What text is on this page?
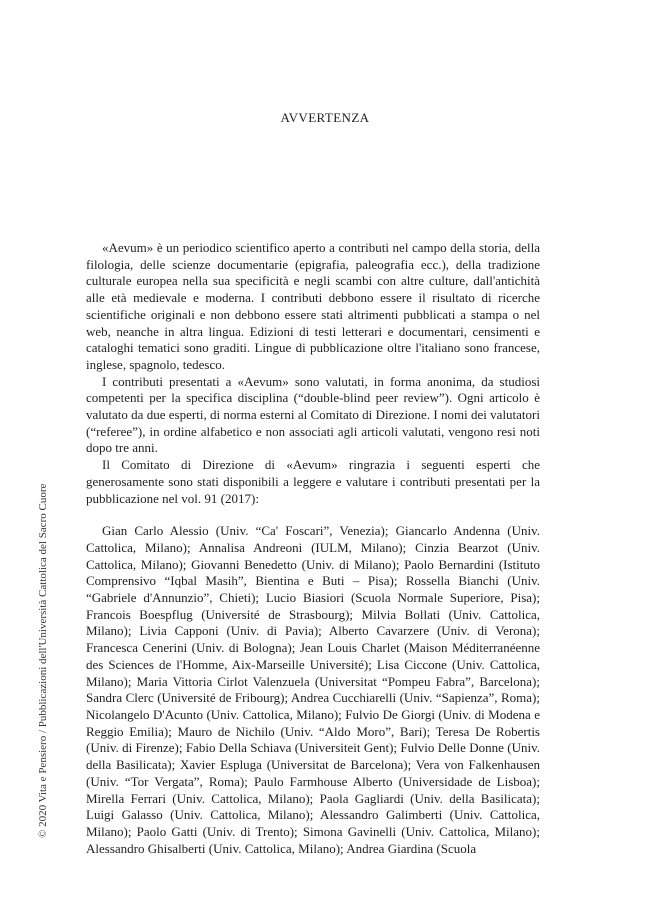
AVVERTENZA

«Aevum» è un periodico scientifico aperto a contributi nel campo della storia, della filologia, delle scienze documentarie (epigrafia, paleografia ecc.), della tradizione culturale europea nella sua specificità e negli scambi con altre culture, dall'antichità alle età medievale e moderna. I contributi debbono essere il risultato di ricerche scientifiche originali e non debbono essere stati altrimenti pubblicati a stampa o nel web, neanche in altra lingua. Edizioni di testi letterari e documentari, censimenti e cataloghi tematici sono graditi. Lingue di pubblicazione oltre l'italiano sono francese, inglese, spagnolo, tedesco.

I contributi presentati a «Aevum» sono valutati, in forma anonima, da studiosi competenti per la specifica disciplina (“double-blind peer review”). Ogni articolo è valutato da due esperti, di norma esterni al Comitato di Direzione. I nomi dei valutatori (“referee”), in ordine alfabetico e non associati agli articoli valutati, vengono resi noti dopo tre anni.

Il Comitato di Direzione di «Aevum» ringrazia i seguenti esperti che generosamente sono stati disponibili a leggere e valutare i contributi presentati per la pubblicazione nel vol. 91 (2017):

Gian Carlo Alessio (Univ. “Ca' Foscari”, Venezia); Giancarlo Andenna (Univ. Cattolica, Milano); Annalisa Andreoni (IULM, Milano); Cinzia Bearzot (Univ. Cattolica, Milano); Giovanni Benedetto (Univ. di Milano); Paolo Bernardini (Istituto Comprensivo “Iqbal Masih”, Bientina e Buti – Pisa); Rossella Bianchi (Univ. “Gabriele d'Annunzio”, Chieti); Lucio Biasiori (Scuola Normale Superiore, Pisa); Francois Boespflug (Université de Strasbourg); Milvia Bollati (Univ. Cattolica, Milano); Livia Capponi (Univ. di Pavia); Alberto Cavarzere (Univ. di Verona); Francesca Cenerini (Univ. di Bologna); Jean Louis Charlet (Maison Méditerranéenne des Sciences de l'Homme, Aix-Marseille Université); Lisa Ciccone (Univ. Cattolica, Milano); Maria Vittoria Cirlot Valenzuela (Universitat “Pompeu Fabra”, Barcelona); Sandra Clerc (Université de Fribourg); Andrea Cucchiarelli (Univ. “Sapienza”, Roma); Nicolangelo D'Acunto (Univ. Cattolica, Milano); Fulvio De Giorgi (Univ. di Modena e Reggio Emilia); Mauro de Nichilo (Univ. “Aldo Moro”, Bari); Teresa De Robertis (Univ. di Firenze); Fabio Della Schiava (Universiteit Gent); Fulvio Delle Donne (Univ. della Basilicata); Xavier Espluga (Universitat de Barcelona); Vera von Falkenhausen (Univ. “Tor Vergata”, Roma); Paulo Farmhouse Alberto (Universidade de Lisboa); Mirella Ferrari (Univ. Cattolica, Milano); Paola Gagliardi (Univ. della Basilicata); Luigi Galasso (Univ. Cattolica, Milano); Alessandro Galimberti (Univ. Cattolica, Milano); Paolo Gatti (Univ. di Trento); Simona Gavinelli (Univ. Cattolica, Milano); Alessandro Ghisalberti (Univ. Cattolica, Milano); Andrea Giardina (Scuola

© 2020 Vita e Pensiero / Pubblicazioni dell'Università Cattolica del Sacro Cuore
